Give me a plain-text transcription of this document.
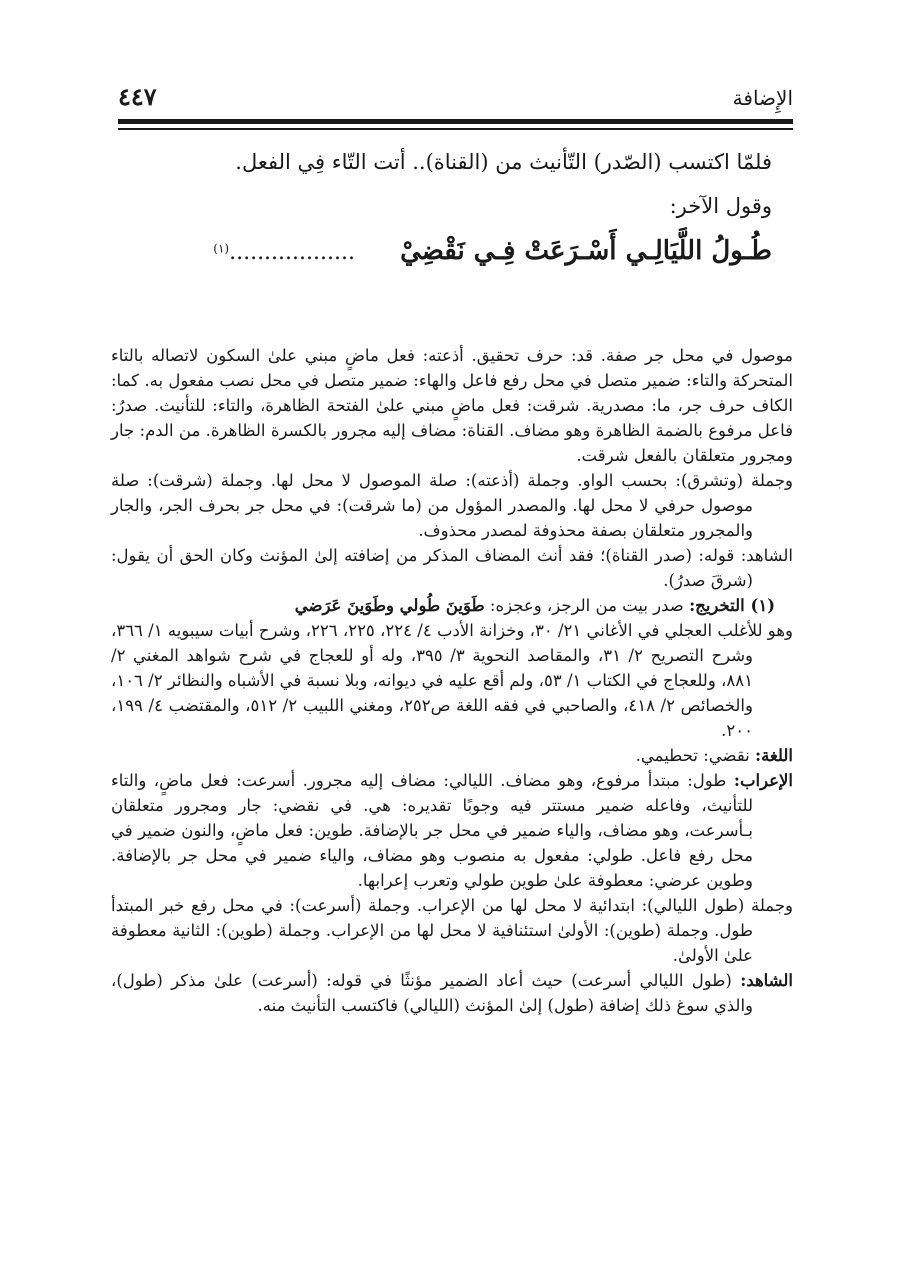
الإِضافة
٤٤٧
فلمّا اكتسب (الصّدر) التّأنيث من (القناة).. أتت التّاء فِي الفعل.
وقول الآخر:
طُـولُ اللَّيَالِـي أَسْـرَعَتْ فِـي نَقْضِيْ ..................$^{(١)}$

موصول في محل جر صفة. قد: حرف تحقيق. أذعته: فعل ماضٍ مبني علىٰ السكون لاتصاله بالتاء المتحركة والتاء: ضمير متصل في محل رفع فاعل والهاء: ضمير متصل في محل نصب مفعول به. كما: الكاف حرف جر، ما: مصدرية. شرقت: فعل ماضٍ مبني علىٰ الفتحة الظاهرة، والتاء: للتأنيث. صدرُ: فاعل مرفوع بالضمة الظاهرة وهو مضاف. القناة: مضاف إليه مجرور بالكسرة الظاهرة. من الدم: جار ومجرور متعلقان بالفعل شرقت.

وجملة (وتشرق): بحسب الواو. وجملة (أذعته): صلة الموصول لا محل لها. وجملة (شرقت): صلة موصول حرفي لا محل لها. والمصدر المؤول من (ما شرقت): في محل جر بحرف الجر، والجار والمجرور متعلقان بصفة محذوفة لمصدر محذوف.

الشاهد: قوله: (صدر القناة)؛ فقد أنث المضاف المذكر من إضافته إلىٰ المؤنث وكان الحق أن يقول: (شرقَ صدرُ).

(١) التخريج: صدر بيت من الرجز، وعجزه: طَوَينَ طُولي وطَوَينَ عَرَضي

وهو للأغلب العجلي في الأغاني ٢١/ ٣٠، وخزانة الأدب ٤/ ٢٢٤، ٢٢٥، ٢٢٦، وشرح أبيات سيبويه ١/ ٣٦٦، وشرح التصريح ٢/ ٣١، والمقاصد النحوية ٣/ ٣٩٥، وله أو للعجاج في شرح شواهد المغني ٢/ ٨٨١، وللعجاج في الكتاب ١/ ٥٣، ولم أقع عليه في ديوانه، وبلا نسبة في الأشباه والنظائر ٢/ ١٠٦، والخصائص ٢/ ٤١٨، والصاحبي في فقه اللغة ص٢٥٢، ومغني اللبيب ٢/ ٥١٢، والمقتضب ٤/ ١٩٩، ٢٠٠.

اللغة: نقضي: تحطيمي.

الإعراب: طول: مبتدأ مرفوع، وهو مضاف. الليالي: مضاف إليه مجرور. أسرعت: فعل ماضٍ، والتاء للتأنيث، وفاعله ضمير مستتر فيه وجوبًا تقديره: هي. في نقضي: جار ومجرور متعلقان بـأسرعت، وهو مضاف، والياء ضمير في محل جر بالإضافة. طوين: فعل ماضٍ، والنون ضمير في محل رفع فاعل. طولي: مفعول به منصوب وهو مضاف، والياء ضمير في محل جر بالإضافة. وطوين عرضي: معطوفة علىٰ طوين طولي وتعرب إعرابها.

وجملة (طول الليالي): ابتدائية لا محل لها من الإعراب. وجملة (أسرعت): في محل رفع خبر المبتدأ طول. وجملة (طوين): الأولىٰ استئنافية لا محل لها من الإعراب. وجملة (طوين): الثانية معطوفة علىٰ الأولىٰ.

الشاهد: (طول الليالي أسرعت) حيث أعاد الضمير مؤنثًا في قوله: (أسرعت) علىٰ مذكر (طول)، والذي سوغ ذلك إضافة (طول) إلىٰ المؤنث (الليالي) فاكتسب التأنيث منه.
